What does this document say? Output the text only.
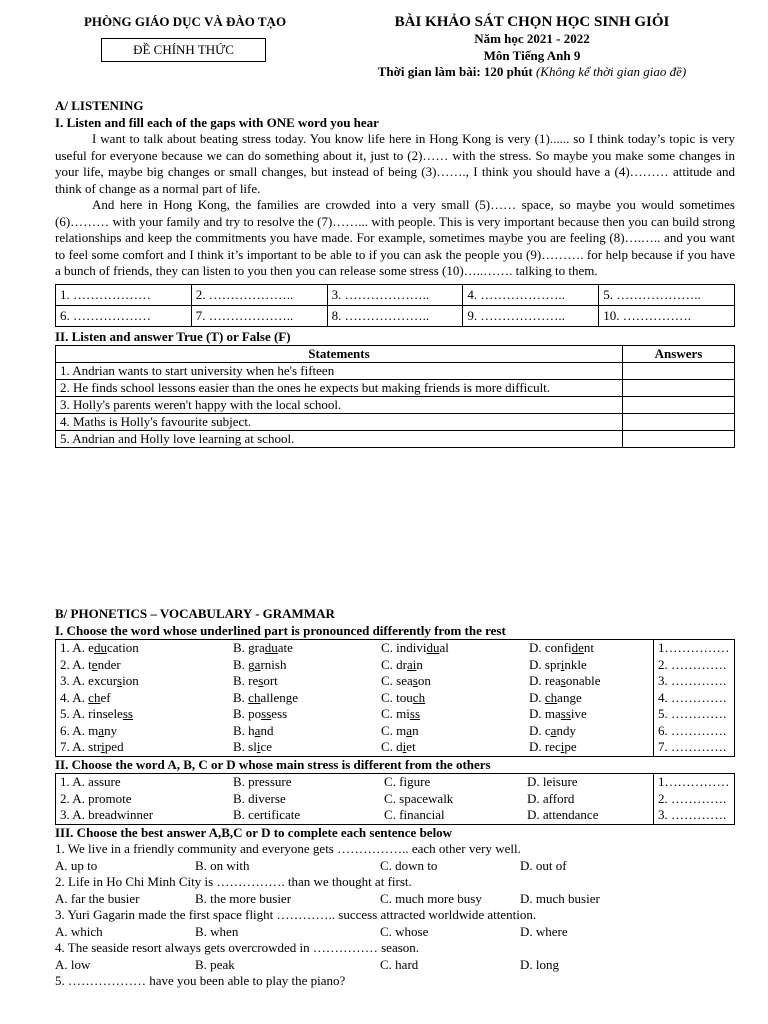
PHÒNG GIÁO DỤC VÀ ĐÀO TẠO
ĐỀ CHÍNH THỨC
BÀI KHẢO SÁT CHỌN HỌC SINH GIỎI
Năm học 2021 - 2022
Môn Tiếng Anh 9
Thời gian làm bài: 120 phút (Không kể thời gian giao đề)
A/ LISTENING
I. Listen and fill each of the gaps with ONE word you hear

I want to talk about beating stress today. You know life here in Hong Kong is very (1)...... so I think today’s topic is very useful for everyone because we can do something about it, just to (2)…… with the stress. So maybe you make some changes in your life, maybe big changes or small changes, but instead of being (3)……., I think you should have a (4)……… attitude and think of change as a normal part of life.

And here in Hong Kong, the families are crowded into a very small (5)…… space, so maybe you would sometimes (6)……… with your family and try to resolve the (7)……... with people. This is very important because then you can build strong relationships and keep the commitments you have made. For example, sometimes maybe you are feeling (8)….….. and you want to feel some comfort and I think it’s important to be able to if you can ask the people you (9)………. for help because if you have a bunch of friends, they can listen to you then you can release some stress (10)…..……. talking to them.

1. ………………	2. ………………..	3. ………………..	4. ………………..	5. ………………..
6. ………………	7. ………………..	8. ………………..	9. ………………..	10. …………….
II. Listen and answer True (T) or False (F)
Statements	Answers
1. Andrian wants to start university when he's fifteen	
2. He finds school lessons easier than the ones he expects but making friends is more difficult.	
3. Holly's parents weren't happy with the local school.	
4. Maths is Holly's favourite subject.	
5. Andrian and Holly love learning at school.	
B/ PHONETICS – VOCABULARY - GRAMMAR
I. Choose the word whose underlined part is pronounced differently from the rest
1. A. education	B. graduate	C. individual	D. confident	1……………
2. A. tender	B. garnish	C. drain	D. sprinkle	2. ………….
3. A. excursion	B. resort	C. season	D. reasonable	3. ………….
4. A. chef	B. challenge	C. touch	D. change	4. ………….
5. A. rinseless	B. possess	C. miss	D. massive	5. ………….
6. A. many	B. hand	C. man	D. candy	6. ………….
7. A. striped	B. slice	C. diet	D. recipe	7. ………….
II. Choose the word A, B, C or D whose main stress is different from the others
1. A. assure	B. pressure	C. figure	D. leisure	1……………
2. A. promote	B. diverse	C. spacewalk	D. afford	2. ………….
3. A. breadwinner	B. certificate	C. financial	D. attendance	3. ………….
III. Choose the best answer A,B,C or D to complete each sentence below
1. We live in a friendly community and everyone gets …………….. each other very well.
A. up to	B. on with	C. down to	D. out of
2. Life in Ho Chi Minh City is ……………. than we thought at first.
A. far the busier	B. the more busier	C. much more busy	D. much busier
3. Yuri Gagarin made the first space flight ………….. success attracted worldwide attention.
A. which	B. when	C. whose	D. where
4. The seaside resort always gets overcrowded in …………… season.
A. low	B. peak	C. hard	D. long
5. ……………… have you been able to play the piano?
